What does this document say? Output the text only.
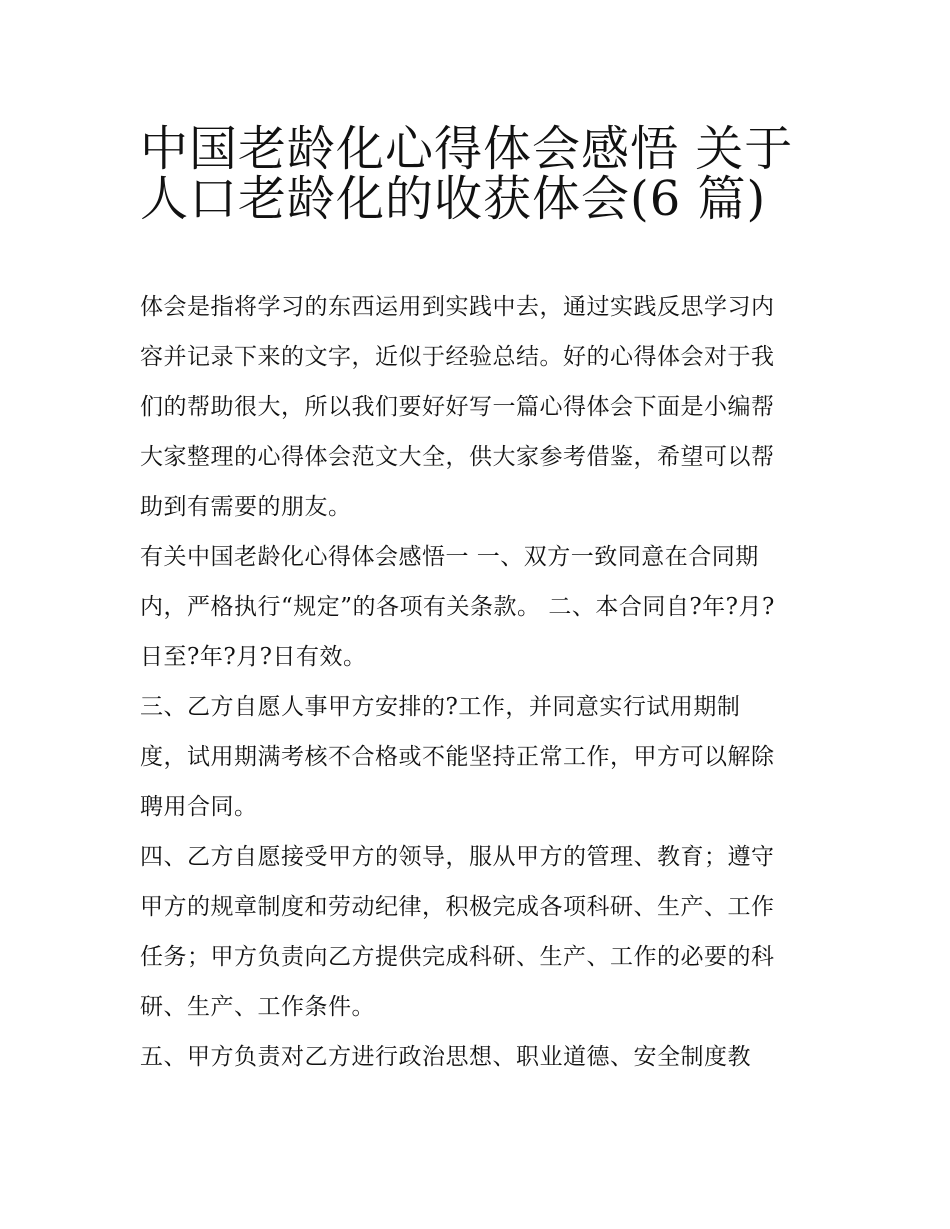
中国老龄化心得体会感悟 关于
人口老龄化的收获体会(6 篇)

体会是指将学习的东西运用到实践中去，通过实践反思学习内
容并记录下来的文字，近似于经验总结。好的心得体会对于我
们的帮助很大，所以我们要好好写一篇心得体会下面是小编帮
大家整理的心得体会范文大全，供大家参考借鉴，希望可以帮
助到有需要的朋友。

有关中国老龄化心得体会感悟一 一、双方一致同意在合同期
内，严格执行“规定”的各项有关条款。 二、本合同自?年?月?
日至?年?月?日有效。

三、乙方自愿人事甲方安排的?工作，并同意实行试用期制
度，试用期满考核不合格或不能坚持正常工作，甲方可以解除
聘用合同。

四、乙方自愿接受甲方的领导，服从甲方的管理、教育；遵守
甲方的规章制度和劳动纪律，积极完成各项科研、生产、工作
任务；甲方负责向乙方提供完成科研、生产、工作的必要的科
研、生产、工作条件。

五、甲方负责对乙方进行政治思想、职业道德、安全制度教
